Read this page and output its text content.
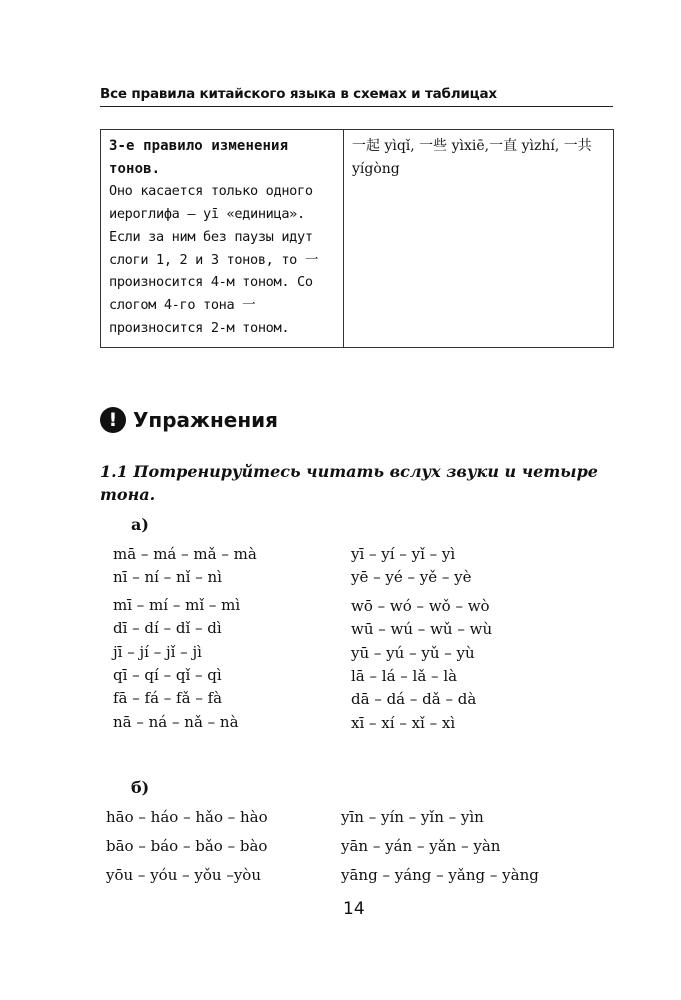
Все правила китайского языка в схемах и таблицах
3-е правило изменения тонов.
Оно касается только одного иероглифа — yī «единица». Если за ним без паузы идут слоги 1, 2 и 3 тонов, то 一 произносится 4-м тоном. Со слогом 4-го тона 一 произносится 2-м тоном.

一起 yìqǐ, 一些 yìxiē,一直 yìzhí, 一共 yígòng
! Упражнения
1.1 Потренируйтесь читать вслух звуки и четыре тона.
а)
mā – má – mǎ – mà
nī – ní – nǐ – nì
mī – mí – mǐ – mì
dī – dí – dǐ – dì
jī – jí – jǐ – jì
qī – qí – qǐ – qì
fā – fá – fǎ – fà
nā – ná – nǎ – nà
yī – yí – yǐ – yì
yē – yé – yě – yè
wō – wó – wǒ – wò
wū – wú – wǔ – wù
yū – yú – yǔ – yù
lā – lá – lǎ – là
dā – dá – dǎ – dà
xī – xí – xǐ – xì
б)
hāo – háo – hǎo – hào
bāo – báo – bǎo – bào
yōu – yóu – yǒu –yòu
yīn – yín – yǐn – yìn
yān – yán – yǎn – yàn
yāng – yáng – yǎng – yàng
14
